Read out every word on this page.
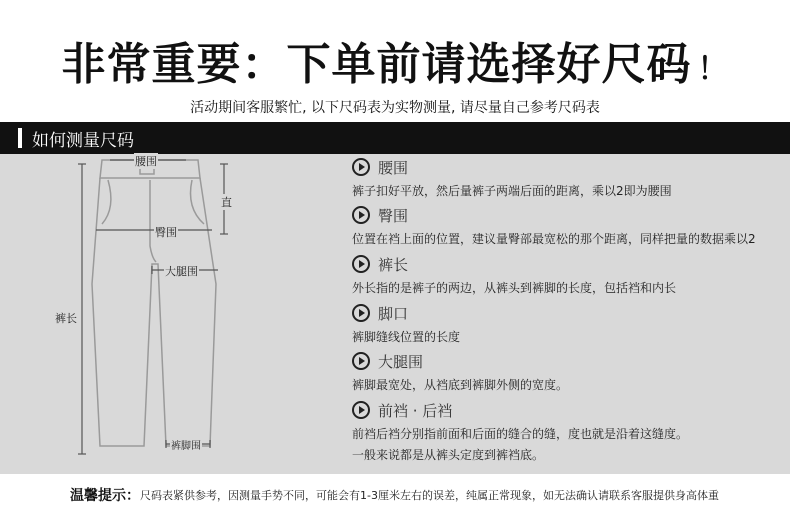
非常重要：下单前请选择好尺码 ！
活动期间客服繁忙, 以下尺码表为实物测量, 请尽量自己参考尺码表
如何测量尺码
腰围
直
臀围
大腿围
裤长
裤脚围
腰围
裤子扣好平放，然后量裤子两端后面的距离，乘以2即为腰围
臀围
位置在裆上面的位置，建议量臀部最宽松的那个距离，同样把量的数据乘以2
裤长
外长指的是裤子的两边，从裤头到裤脚的长度，包括裆和内长
脚口
裤脚缝线位置的长度
大腿围
裤脚最宽处，从裆底到裤脚外侧的宽度。
前裆 · 后裆
前裆后裆分别指前面和后面的缝合的缝，度也就是沿着这缝度。
一般来说都是从裤头定度到裤裆底。
温馨提示： 尺码表紧供参考，因测量手势不同，可能会有1-3厘米左右的误差，纯属正常现象，如无法确认请联系客服提供身高体重
